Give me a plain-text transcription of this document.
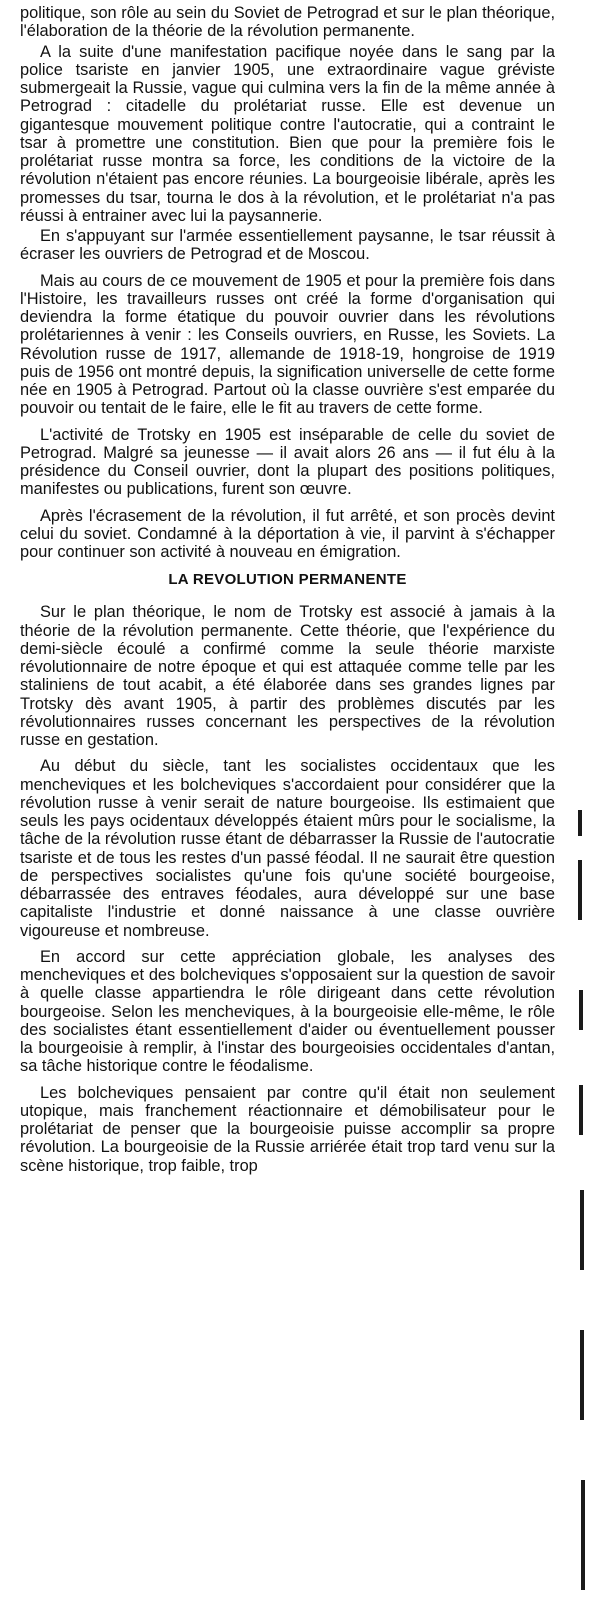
politique, son rôle au sein du Soviet de Petrograd et sur le plan théorique, l'élaboration de la théorie de la révolution permanente.

A la suite d'une manifestation pacifique noyée dans le sang par la police tsariste en janvier 1905, une extraordinaire vague gréviste submergeait la Russie, vague qui culmina vers la fin de la même année à Petrograd : citadelle du prolétariat russe. Elle est devenue un gigantesque mouvement politique contre l'autocratie, qui a contraint le tsar à promettre une constitution. Bien que pour la première fois le prolétariat russe montra sa force, les conditions de la victoire de la révolution n'étaient pas encore réunies. La bourgeoisie libérale, après les promesses du tsar, tourna le dos à la révolution, et le prolétariat n'a pas réussi à entrainer avec lui la paysannerie.

En s'appuyant sur l'armée essentiellement paysanne, le tsar réussit à écraser les ouvriers de Petrograd et de Moscou.

Mais au cours de ce mouvement de 1905 et pour la première fois dans l'Histoire, les travailleurs russes ont créé la forme d'organisation qui deviendra la forme étatique du pouvoir ouvrier dans les révolutions prolétariennes à venir : les Conseils ouvriers, en Russe, les Soviets. La Révolution russe de 1917, allemande de 1918-19, hongroise de 1919 puis de 1956 ont montré depuis, la signification universelle de cette forme née en 1905 à Petrograd. Partout où la classe ouvrière s'est emparée du pouvoir ou tentait de le faire, elle le fit au travers de cette forme.

L'activité de Trotsky en 1905 est inséparable de celle du soviet de Petrograd. Malgré sa jeunesse — il avait alors 26 ans — il fut élu à la présidence du Conseil ouvrier, dont la plupart des positions politiques, manifestes ou publications, furent son œuvre.

Après l'écrasement de la révolution, il fut arrêté, et son procès devint celui du soviet. Condamné à la déportation à vie, il parvint à s'échapper pour continuer son activité à nouveau en émigration.

LA REVOLUTION PERMANENTE

Sur le plan théorique, le nom de Trotsky est associé à jamais à la théorie de la révolution permanente. Cette théorie, que l'expérience du demi-siècle écoulé a confirmé comme la seule théorie marxiste révolutionnaire de notre époque et qui est attaquée comme telle par les staliniens de tout acabit, a été élaborée dans ses grandes lignes par Trotsky dès avant 1905, à partir des problèmes discutés par les révolutionnaires russes concernant les perspectives de la révolution russe en gestation.

Au début du siècle, tant les socialistes occidentaux que les mencheviques et les bolcheviques s'accordaient pour considérer que la révolution russe à venir serait de nature bourgeoise. Ils estimaient que seuls les pays ocidentaux développés étaient mûrs pour le socialisme, la tâche de la révolution russe étant de débarrasser la Russie de l'autocratie tsariste et de tous les restes d'un passé féodal. Il ne saurait être question de perspectives socialistes qu'une fois qu'une société bourgeoise, débarrassée des entraves féodales, aura développé sur une base capitaliste l'industrie et donné naissance à une classe ouvrière vigoureuse et nombreuse.

En accord sur cette appréciation globale, les analyses des mencheviques et des bolcheviques s'opposaient sur la question de savoir à quelle classe appartiendra le rôle dirigeant dans cette révolution bourgeoise. Selon les mencheviques, à la bourgeoisie elle-même, le rôle des socialistes étant essentiellement d'aider ou éventuellement pousser la bourgeoisie à remplir, à l'instar des bourgeoisies occidentales d'antan, sa tâche historique contre le féodalisme.

Les bolcheviques pensaient par contre qu'il était non seulement utopique, mais franchement réactionnaire et démobilisateur pour le prolétariat de penser que la bourgeoisie puisse accomplir sa propre révolution. La bourgeoisie de la Russie arriérée était trop tard venu sur la scène historique, trop faible, trop
